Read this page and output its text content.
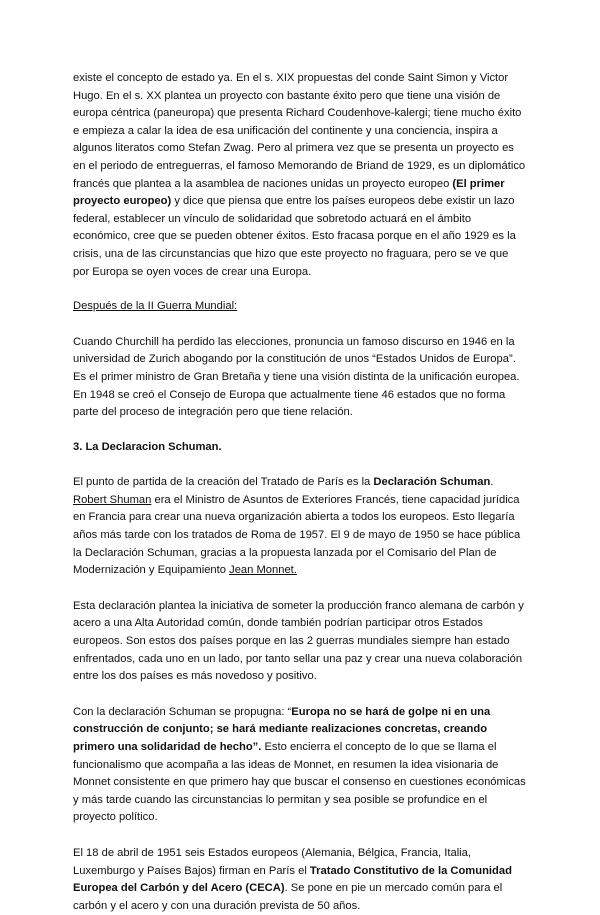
existe el concepto de estado ya. En el s. XIX propuestas del conde Saint Simon y Victor Hugo. En el s. XX plantea un proyecto con bastante éxito pero que tiene una visión de europa céntrica (paneuropa) que presenta Richard Coudenhove-kalergi; tiene mucho éxito e empieza a calar la idea de esa unificación del continente y una conciencia, inspira a algunos literatos como Stefan Zwag. Pero al primera vez que se presenta un proyecto es en el periodo de entreguerras, el famoso Memorando de Briand de 1929, es un diplomático francés que plantea a la asamblea de naciones unidas un proyecto europeo (El primer proyecto europeo) y dice que piensa que entre los países europeos debe existir un lazo federal, establecer un vínculo de solidaridad que sobretodo actuará en el ámbito económico, cree que se pueden obtener éxitos. Esto fracasa porque en el año 1929 es la crisis, una de las circunstancias que hizo que este proyecto no fraguara, pero se ve que por Europa se oyen voces de crear una Europa.

Después de la II Guerra Mundial:

Cuando Churchill ha perdido las elecciones, pronuncia un famoso discurso en 1946 en la universidad de Zurich abogando por la constitución de unos “Estados Unidos de Europa”. Es el primer ministro de Gran Bretaña y tiene una visión distinta de la unificación europea. En 1948 se creó el Consejo de Europa que actualmente tiene 46 estados que no forma parte del proceso de integración pero que tiene relación.

3. La Declaracion Schuman.

El punto de partida de la creación del Tratado de París es la Declaración Schuman. Robert Shuman era el Ministro de Asuntos de Exteriores Francés, tiene capacidad jurídica en Francia para crear una nueva organización abierta a todos los europeos. Esto llegaría años más tarde con los tratados de Roma de 1957. El 9 de mayo de 1950 se hace pública la Declaración Schuman, gracias a la propuesta lanzada por el Comisario del Plan de Modernización y Equipamiento Jean Monnet.

Esta declaración plantea la iniciativa de someter la producción franco alemana de carbón y acero a una Alta Autoridad común, donde también podrían participar otros Estados europeos. Son estos dos países porque en las 2 guerras mundiales siempre han estado enfrentados, cada uno en un lado, por tanto sellar una paz y crear una nueva colaboración entre los dos países es más novedoso y positivo.

Con la declaración Schuman se propugna: “Europa no se hará de golpe ni en una construcción de conjunto; se hará mediante realizaciones concretas, creando primero una solidaridad de hecho”. Esto encierra el concepto de lo que se llama el funcionalismo que acompaña a las ideas de Monnet, en resumen la idea visionaria de Monnet consistente en que primero hay que buscar el consenso en cuestiones económicas y más tarde cuando las circunstancias lo permitan y sea posible se profundice en el proyecto político.

El 18 de abril de 1951 seis Estados europeos (Alemania, Bélgica, Francia, Italia, Luxemburgo y Países Bajos) firman en París el Tratado Constitutivo de la Comunidad Europea del Carbón y del Acero (CECA). Se pone en pie un mercado común para el carbón y el acero y con una duración prevista de 50 años.
